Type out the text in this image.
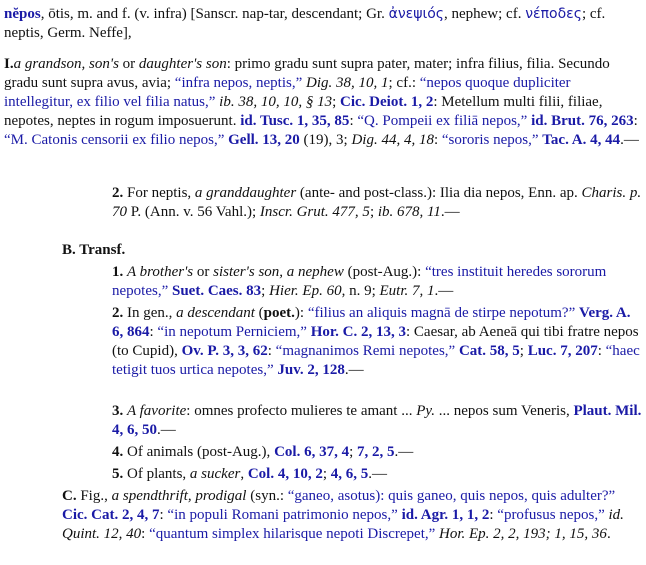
nĕpos, ōtis, m. and f. (v. infra) [Sanscr. nap-tar, descendant; Gr. ἀνεψιός, nephew; cf. νέποδες; cf. neptis, Germ. Neffe],

I.a grandson, son's or daughter's son: primo gradu sunt supra pater, mater; infra filius, filia. Secundo gradu sunt supra avus, avia; “infra nepos, neptis,” Dig. 38, 10, 1; cf.: “nepos quoque dupliciter intellegitur, ex filio vel filia natus,” ib. 38, 10, 10, § 13; Cic. Deiot. 1, 2: Metellum multi filii, filiae, nepotes, neptes in rogum imposuerunt. id. Tusc. 1, 35, 85: “Q. Pompeii ex filiā nepos,” id. Brut. 76, 263: “M. Catonis censorii ex filio nepos,” Gell. 13, 20 (19), 3; Dig. 44, 4, 18: “sororis nepos,” Tac. A. 4, 44.—

2. For neptis, a granddaughter (ante- and post-class.): Ilia dia nepos, Enn. ap. Charis. p. 70 P. (Ann. v. 56 Vahl.); Inscr. Grut. 477, 5; ib. 678, 11.—

B. Transf.

1. A brother's or sister's son, a nephew (post-Aug.): “tres instituit heredes sororum nepotes,” Suet. Caes. 83; Hier. Ep. 60, n. 9; Eutr. 7, 1.—

2. In gen., a descendant (poet.): “filius an aliquis magnā de stirpe nepotum?” Verg. A. 6, 864: “in nepotum Perniciem,” Hor. C. 2, 13, 3: Caesar, ab Aeneā qui tibi fratre nepos (to Cupid), Ov. P. 3, 3, 62: “magnanimos Remi nepotes,” Cat. 58, 5; Luc. 7, 207: “haec tetigit tuos urtica nepotes,” Juv. 2, 128.—

3. A favorite: omnes profecto mulieres te amant ... Py. ... nepos sum Veneris, Plaut. Mil. 4, 6, 50.—

4. Of animals (post-Aug.), Col. 6, 37, 4; 7, 2, 5.—

5. Of plants, a sucker, Col. 4, 10, 2; 4, 6, 5.—

C. Fig., a spendthrift, prodigal (syn.: “ganeo, asotus): quis ganeo, quis nepos, quis adulter?” Cic. Cat. 2, 4, 7: “in populi Romani patrimonio nepos,” id. Agr. 1, 1, 2: “profusus nepos,” id. Quint. 12, 40: “quantum simplex hilarisque nepoti Discrepet,” Hor. Ep. 2, 2, 193; 1, 15, 36.
